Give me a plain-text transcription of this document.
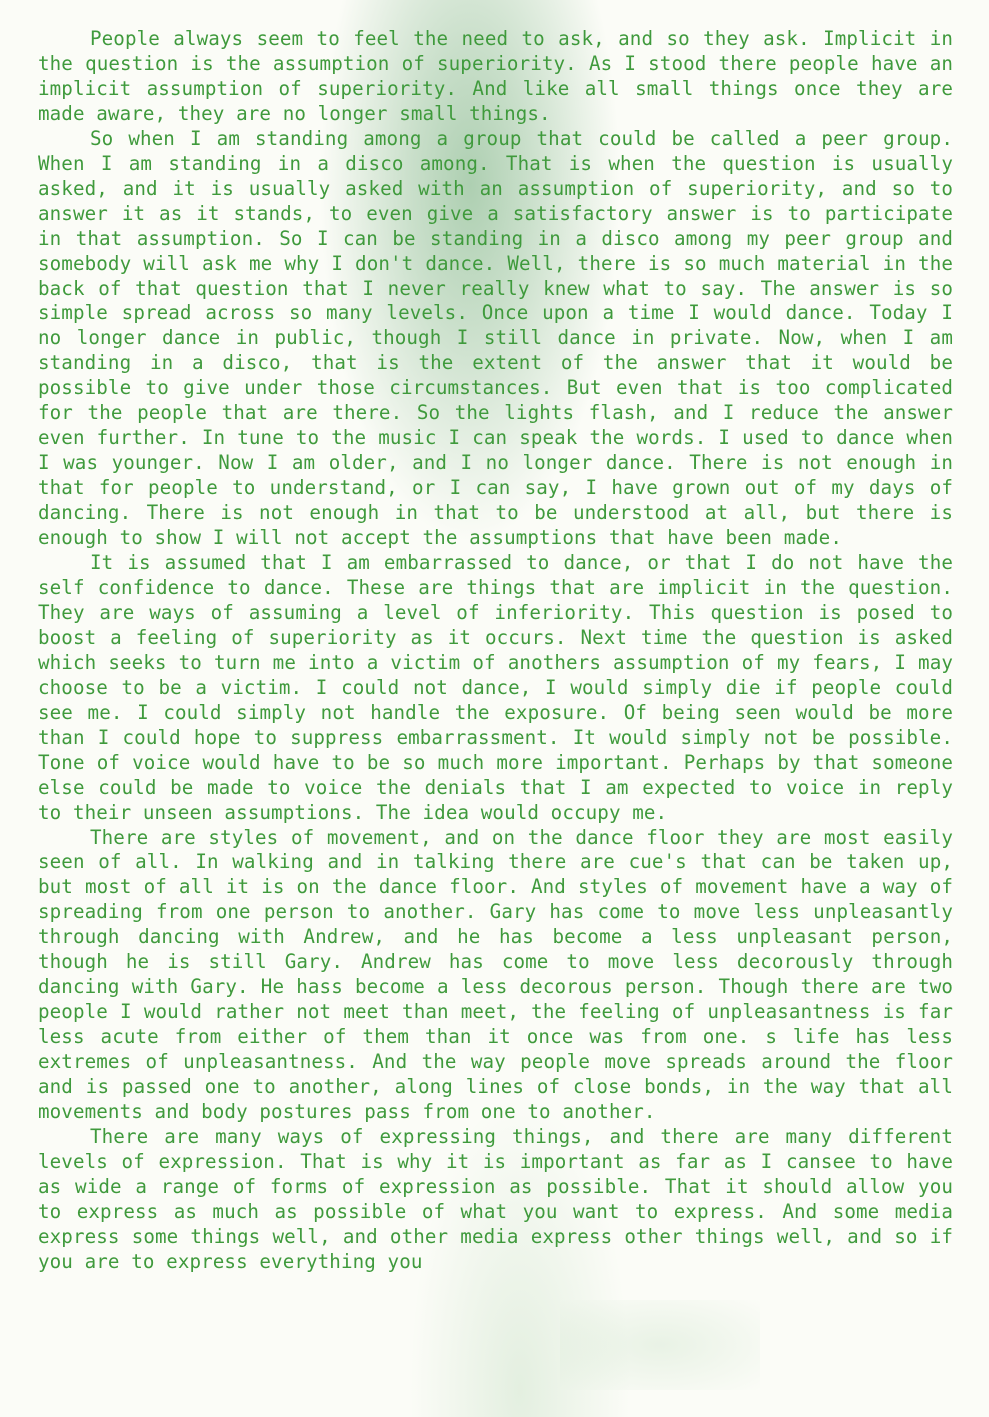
People always seem to feel the need to ask, and so they ask. Implicit in the question is the assumption of superiority. As I stood there people have an implicit assumption of superiority. And like all small things once they are made aware, they are no longer small things.

So when I am standing among a group that could be called a peer group. When I am standing in a disco among. That is when the question is usually asked, and it is usually asked with an assumption of superiority, and so to answer it as it stands, to even give a satisfactory answer is to participate in that assumption. So I can be standing in a disco among my peer group and somebody will ask me why I don't dance. Well, there is so much material in the back of that question that I never really knew what to say. The answer is so simple spread across so many levels. Once upon a time I would dance. Today I no longer dance in public, though I still dance in private. Now, when I am standing in a disco, that is the extent of the answer that it would be possible to give under those circumstances. But even that is too complicated for the people that are there. So the lights flash, and I reduce the answer even further. In tune to the music I can speak the words. I used to dance when I was younger. Now I am older, and I no longer dance. There is not enough in that for people to understand, or I can say, I have grown out of my days of dancing. There is not enough in that to be understood at all, but there is enough to show I will not accept the assumptions that have been made.

It is assumed that I am embarrassed to dance, or that I do not have the self confidence to dance. These are things that are implicit in the question. They are ways of assuming a level of inferiority. This question is posed to boost a feeling of superiority as it occurs. Next time the question is asked which seeks to turn me into a victim of anothers assumption of my fears, I may choose to be a victim. I could not dance, I would simply die if people could see me. I could simply not handle the exposure. Of being seen would be more than I could hope to suppress embarrassment. It would simply not be possible. Tone of voice would have to be so much more important. Perhaps by that someone else could be made to voice the denials that I am expected to voice in reply to their unseen assumptions. The idea would occupy me.

There are styles of movement, and on the dance floor they are most easily seen of all. In walking and in talking there are cue's that can be taken up, but most of all it is on the dance floor. And styles of movement have a way of spreading from one person to another. Gary has come to move less unpleasantly through dancing with Andrew, and he has become a less unpleasant person, though he is still Gary. Andrew has come to move less decorously through dancing with Gary. He hass become a less decorous person. Though there are two people I would rather not meet than meet, the feeling of unpleasantness is far less acute from either of them than it once was from one. s life has less extremes of unpleasantness. And the way people move spreads around the floor and is passed one to another, along lines of close bonds, in the way that all movements and body postures pass from one to another.

There are many ways of expressing things, and there are many different levels of expression. That is why it is important as far as I cansee to have as wide a range of forms of expression as possible. That it should allow you to express as much as possible of what you want to express. And some media express some things well, and other media express other things well, and so if you are to express everything you
